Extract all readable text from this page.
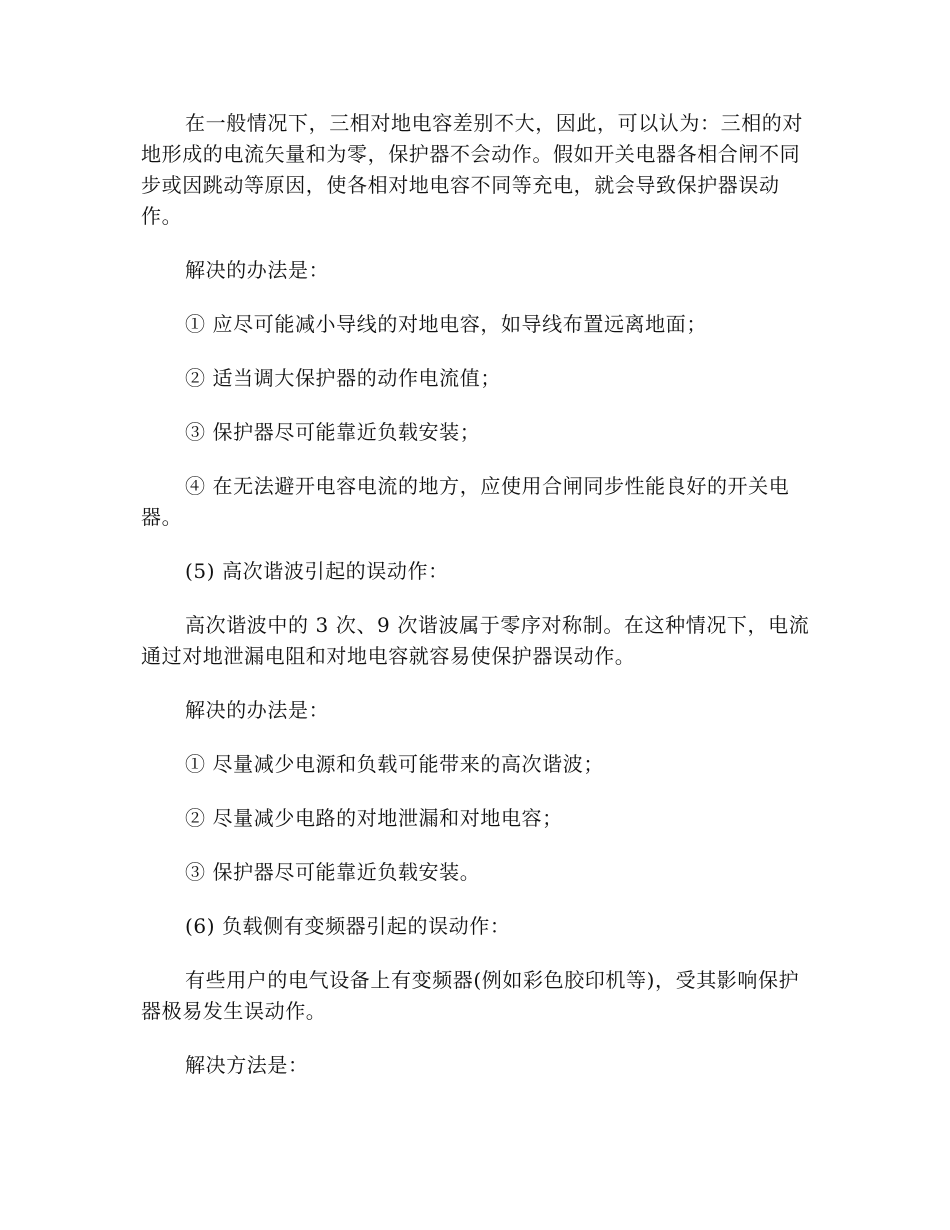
在一般情况下，三相对地电容差别不大，因此，可以认为：三相的对地形成的电流矢量和为零，保护器不会动作。假如开关电器各相合闸不同步或因跳动等原因，使各相对地电容不同等充电，就会导致保护器误动作。

解决的办法是：

① 应尽可能减小导线的对地电容，如导线布置远离地面；

② 适当调大保护器的动作电流值；

③ 保护器尽可能靠近负载安装；

④ 在无法避开电容电流的地方，应使用合闸同步性能良好的开关电器。

(5) 高次谐波引起的误动作：

高次谐波中的 3 次、9 次谐波属于零序对称制。在这种情况下，电流通过对地泄漏电阻和对地电容就容易使保护器误动作。

解决的办法是：

① 尽量减少电源和负载可能带来的高次谐波；

② 尽量减少电路的对地泄漏和对地电容；

③ 保护器尽可能靠近负载安装。

(6) 负载侧有变频器引起的误动作：

有些用户的电气设备上有变频器(例如彩色胶印机等)，受其影响保护器极易发生误动作。

解决方法是：
